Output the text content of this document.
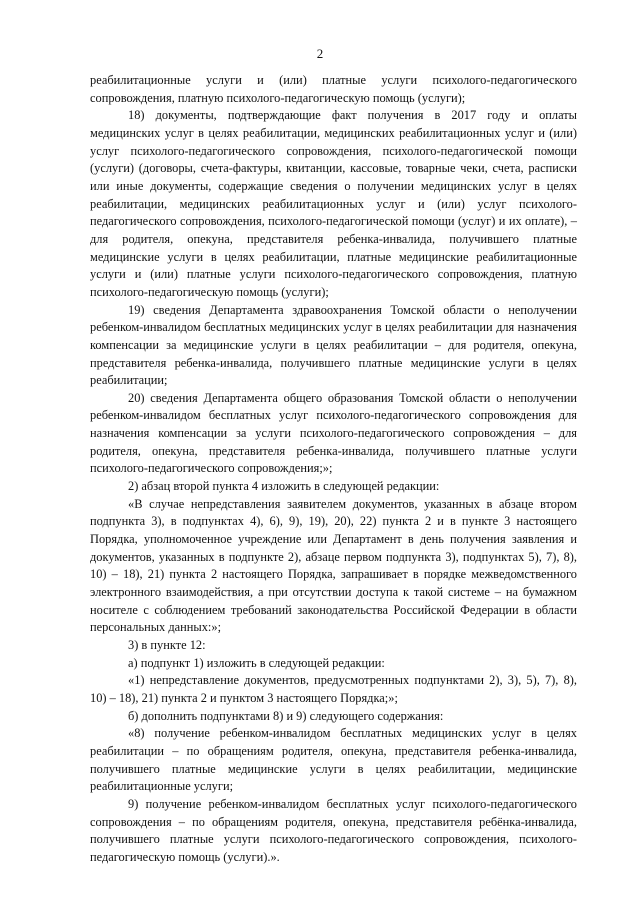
2

реабилитационные услуги и (или) платные услуги психолого-педагогического сопровождения, платную психолого-педагогическую помощь (услуги);

18) документы, подтверждающие факт получения в 2017 году и оплаты медицинских услуг в целях реабилитации, медицинских реабилитационных услуг и (или) услуг психолого-педагогического сопровождения, психолого-педагогической помощи (услуги) (договоры, счета-фактуры, квитанции, кассовые, товарные чеки, счета, расписки или иные документы, содержащие сведения о получении медицинских услуг в целях реабилитации, медицинских реабилитационных услуг и (или) услуг психолого-педагогического сопровождения, психолого-педагогической помощи (услуг) и их оплате), – для родителя, опекуна, представителя ребенка-инвалида, получившего платные медицинские услуги в целях реабилитации, платные медицинские реабилитационные услуги и (или) платные услуги психолого-педагогического сопровождения, платную психолого-педагогическую помощь (услуги);

19) сведения Департамента здравоохранения Томской области о неполучении ребенком-инвалидом бесплатных медицинских услуг в целях реабилитации для назначения компенсации за медицинские услуги в целях реабилитации – для родителя, опекуна, представителя ребенка-инвалида, получившего платные медицинские услуги в целях реабилитации;

20) сведения Департамента общего образования Томской области о неполучении ребенком-инвалидом бесплатных услуг психолого-педагогического сопровождения для назначения компенсации за услуги психолого-педагогического сопровождения – для родителя, опекуна, представителя ребенка-инвалида, получившего платные услуги психолого-педагогического сопровождения;»;

2) абзац второй пункта 4 изложить в следующей редакции:

«В случае непредставления заявителем документов, указанных в абзаце втором подпункта 3), в подпунктах 4), 6), 9), 19), 20), 22) пункта 2 и в пункте 3 настоящего Порядка, уполномоченное учреждение или Департамент в день получения заявления и документов, указанных в подпункте 2), абзаце первом подпункта 3), подпунктах 5), 7), 8), 10) – 18), 21) пункта 2 настоящего Порядка, запрашивает в порядке межведомственного электронного взаимодействия, а при отсутствии доступа к такой системе – на бумажном носителе с соблюдением требований законодательства Российской Федерации в области персональных данных:»;

3) в пункте 12:

а) подпункт 1) изложить в следующей редакции:

«1) непредставление документов, предусмотренных подпунктами 2), 3), 5), 7), 8), 10) – 18), 21) пункта 2 и пунктом 3 настоящего Порядка;»;

б) дополнить подпунктами 8) и 9) следующего содержания:

«8) получение ребенком-инвалидом бесплатных медицинских услуг в целях реабилитации – по обращениям родителя, опекуна, представителя ребенка-инвалида, получившего платные медицинские услуги в целях реабилитации, медицинские реабилитационные услуги;

9) получение ребенком-инвалидом бесплатных услуг психолого-педагогического сопровождения – по обращениям родителя, опекуна, представителя ребёнка-инвалида, получившего платные услуги психолого-педагогического сопровождения, психолого-педагогическую помощь (услуги).».
